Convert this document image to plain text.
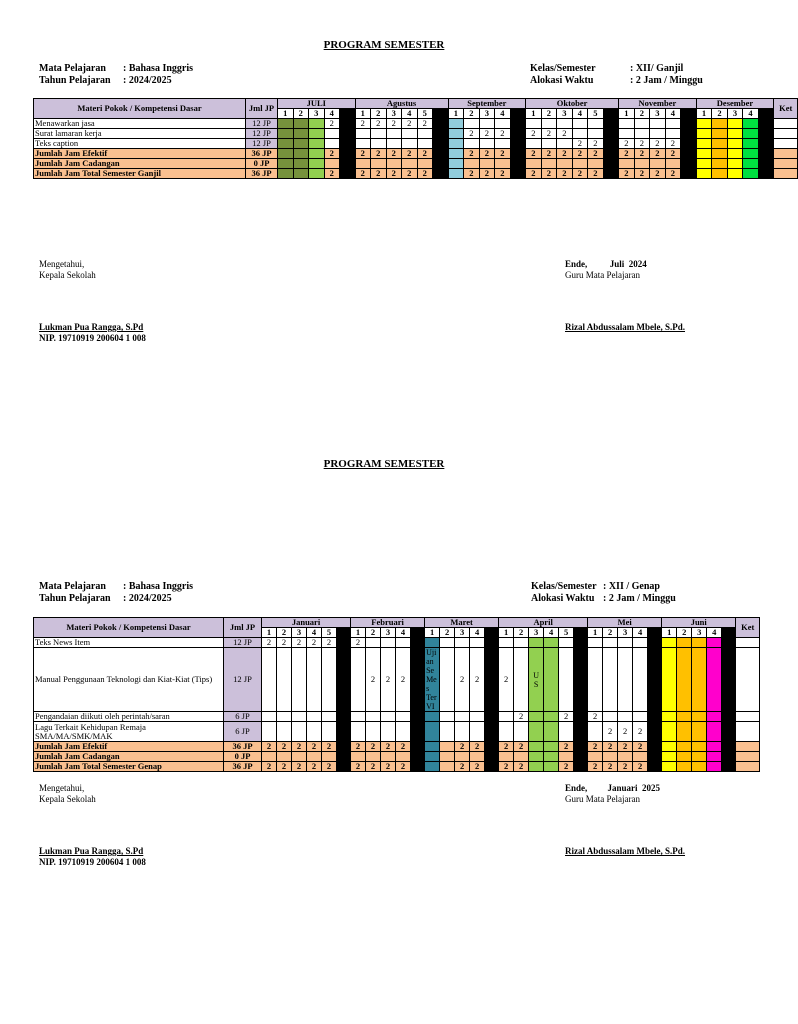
PROGRAM SEMESTER
Mata Pelajaran : Bahasa Inggris
Tahun Pelajaran : 2024/2025
Kelas/Semester	: XII/ Ganjil
Alokasi Waktu	: 2 Jam / Minggu
Materi Pokok / Kompetensi Dasar	Jml JP	JULI					Agustus						September					Oktober						November					Desember					Ket
		1	2	3	4		1	2	3	4	5		1	2	3	4		1	2	3	4	5		1	2	3	4		1	2	3	4		
Menawarkan jasa	12 JP				2		2	2	2	2	2																							
Surat lamaran kerja	12 JP													2	2	2		2	2	2														
Teks caption	12 JP																				2	2		2	2	2	2							
Jumlah Jam Efektif	36 JP				2		2	2	2	2	2			2	2	2		2	2	2	2	2		2	2	2	2							
Jumlah Jam Cadangan	0 JP																																	
Jumlah Jam Total Semester Ganjil	36 JP				2		2	2	2	2	2			2	2	2		2	2	2	2	2		2	2	2	2							
Mengetahui,
Kepala Sekolah
Lukman Pua Rangga, S.Pd
NIP. 19710919 200604 1 008
Ende,          Juli  2024
Guru Mata Pelajaran
Rizal Abdussalam Mbele, S.Pd.
PROGRAM SEMESTER
Mata Pelajaran : Bahasa Inggris
Tahun Pelajaran : 2024/2025
Kelas/Semester : XII / Genap
Alokasi Waktu : 2 Jam / Minggu
Materi Pokok / Kompetensi Dasar	Jml JP	Januari						Februari					Maret					April						Mei					Juni					Ket
		1	2	3	4	5		1	2	3	4		1	2	3	4		1	2	3	4	5		1	2	3	4		1	2	3	4		
Teks News Item	12 JP	2	2	2	2	2		2																										
Manual Penggunaan Teknologi dan Kiat-Kiat (Tips)	12 JP								2	2	2		Uji an Se Me s Ter VI		2	2		2		U S														
Pengandaian diikuti oleh perintah/saran	6 JP																		2			2		2										
Lagu Terkait Kehidupan Remaja SMA/MA/SMK/MAK	6 JP																								2	2	2							
Jumlah Jam Efektif	36 JP	2	2	2	2	2		2	2	2	2				2	2		2	2			2		2	2	2	2							
Jumlah Jam Cadangan	0 JP																																	
Jumlah Jam Total Semester Genap	36 JP	2	2	2	2	2		2	2	2	2				2	2		2	2			2		2	2	2	2							
Mengetahui,
Kepala Sekolah
Lukman Pua Rangga, S.Pd
NIP. 19710919 200604 1 008
Ende,         Januari  2025
Guru Mata Pelajaran
Rizal Abdussalam Mbele, S.Pd.
